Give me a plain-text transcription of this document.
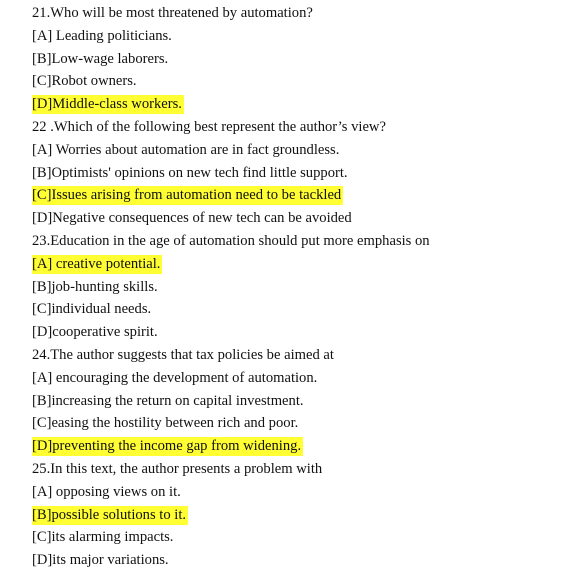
21.Who will be most threatened by automation?
[A] Leading politicians.
[B]Low-wage laborers.
[C]Robot owners.
[D]Middle-class workers.
22 .Which of the following best represent the author’s view?
[A] Worries about automation are in fact groundless.
[B]Optimists' opinions on new tech find little support.
[C]Issues arising from automation need to be tackled
[D]Negative consequences of new tech can be avoided
23.Education in the age of automation should put more emphasis on
[A] creative potential.
[B]job-hunting skills.
[C]individual needs.
[D]cooperative spirit.
24.The author suggests that tax policies be aimed at
[A] encouraging the development of automation.
[B]increasing the return on capital investment.
[C]easing the hostility between rich and poor.
[D]preventing the income gap from widening.
25.In this text, the author presents a problem with
[A] opposing views on it.
[B]possible solutions to it.
[C]its alarming impacts.
[D]its major variations.
